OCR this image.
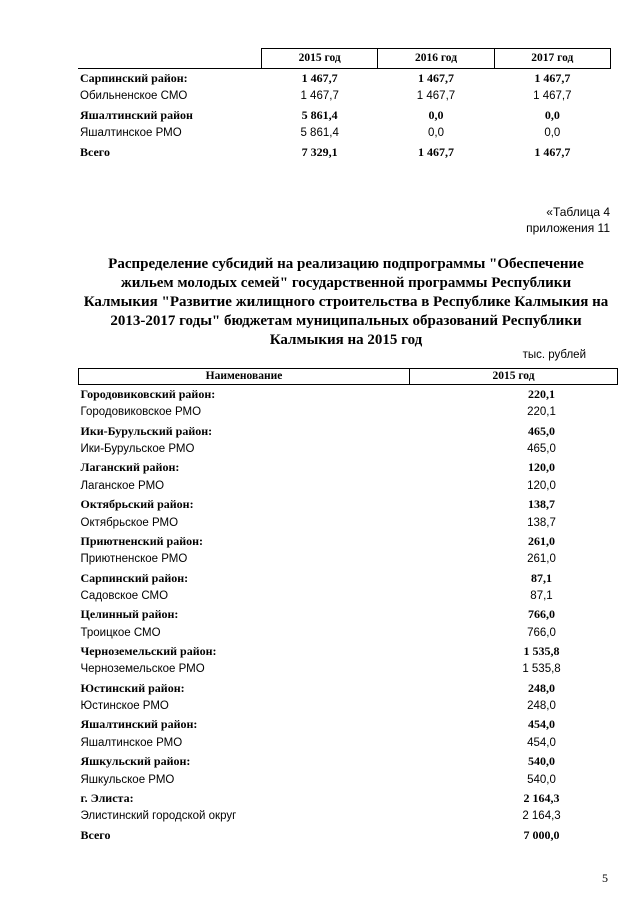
	2015 год	2016 год	2017 год
Сарпинский район:	1 467,7	1 467,7	1 467,7
Обильненское СМО	1 467,7	1 467,7	1 467,7
Яшалтинский район	5 861,4	0,0	0,0
Яшалтинское РМО	5 861,4	0,0	0,0
Всего	7 329,1	1 467,7	1 467,7
«Таблица 4
приложения 11
Распределение субсидий на реализацию подпрограммы "Обеспечение
жильем молодых семей" государственной программы Республики
Калмыкия "Развитие жилищного строительства в Республике Калмыкия на
2013-2017 годы" бюджетам муниципальных образований Республики
Калмыкия на 2015 год
тыс. рублей
Наименование	2015 год
Городовиковский район:	220,1
Городовиковское РМО	220,1
Ики-Бурульский район:	465,0
Ики-Бурульское РМО	465,0
Лаганский район:	120,0
Лаганское РМО	120,0
Октябрьский район:	138,7
Октябрьское РМО	138,7
Приютненский район:	261,0
Приютненское РМО	261,0
Сарпинский район:	87,1
Садовское СМО	87,1
Целинный район:	766,0
Троицкое СМО	766,0
Черноземельский район:	1 535,8
Черноземельское РМО	1 535,8
Юстинский район:	248,0
Юстинское РМО	248,0
Яшалтинский район:	454,0
Яшалтинское РМО	454,0
Яшкульский район:	540,0
Яшкульское РМО	540,0
г. Элиста:	2 164,3
Элистинский городской округ	2 164,3
Всего	7 000,0
5
